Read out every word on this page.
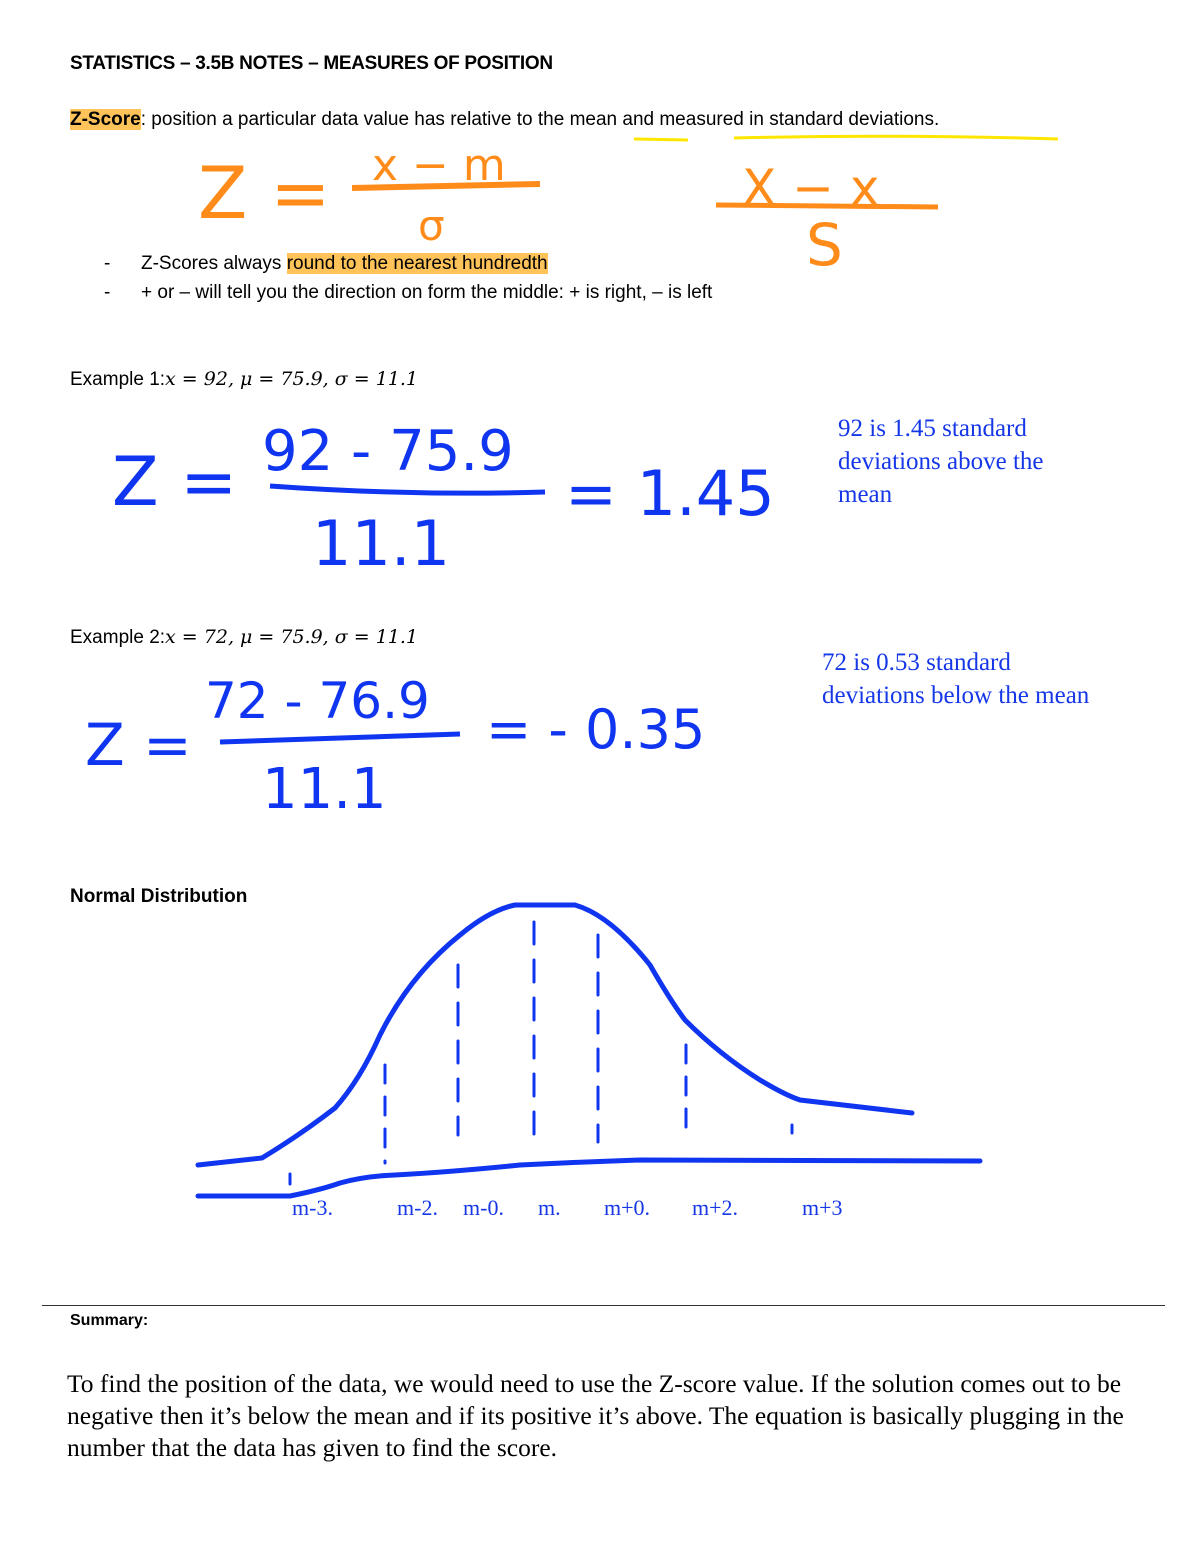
STATISTICS – 3.5B NOTES – MEASURES OF POSITION
Z-Score: position a particular data value has relative to the mean and measured in standard deviations.
- Z-Scores always round to the nearest hundredth
- + or – will tell you the direction on form the middle: + is right, – is left
Example 1:x = 92, μ = 75.9, σ = 11.1
92 is 1.45 standard deviations above the mean
Example 2:x = 72, μ = 75.9, σ = 11.1
72 is 0.53 standard deviations below the mean
Normal Distribution
Z = x − m
σ
X − x
S
Z = 92 - 75.9
11.1
= 1.45
Z =
72 - 76.9
11.1
= - 0.35
m-3.	m-2. m-0. m. m+0. m+2.	m+3
Summary:
To find the position of the data, we would need to use the Z-score value. If the solution comes out to be negative then it’s below the mean and if its positive it’s above. The equation is basically plugging in the number that the data has given to find the score.
